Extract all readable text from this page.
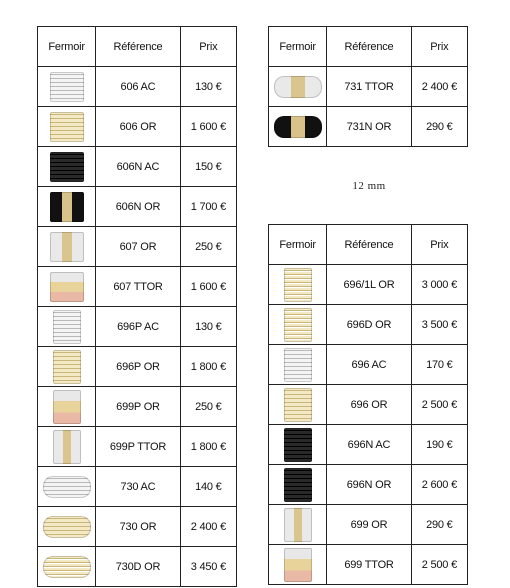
Fermoir	Référence	Prix

	606 AC	130 €

	606 OR	1 600 €

	606N AC	150 €

	606N OR	1 700 €

	607 OR	250 €

	607 TTOR	1 600 €

	696P AC	130 €

	696P OR	1 800 €

	699P OR	250 €

	699P TTOR	1 800 €

	730 AC	140 €

	730 OR	2 400 €

	730D OR	3 450 €
Fermoir	Référence	Prix

	731 TTOR	2 400 €

	731N OR	290 €
12 mm
Fermoir	Référence	Prix

	696/1L OR	3 000 €

	696D OR	3 500 €

	696 AC	170 €

	696 OR	2 500 €

	696N AC	190 €

	696N OR	2 600 €

	699 OR	290 €

	699 TTOR	2 500 €
